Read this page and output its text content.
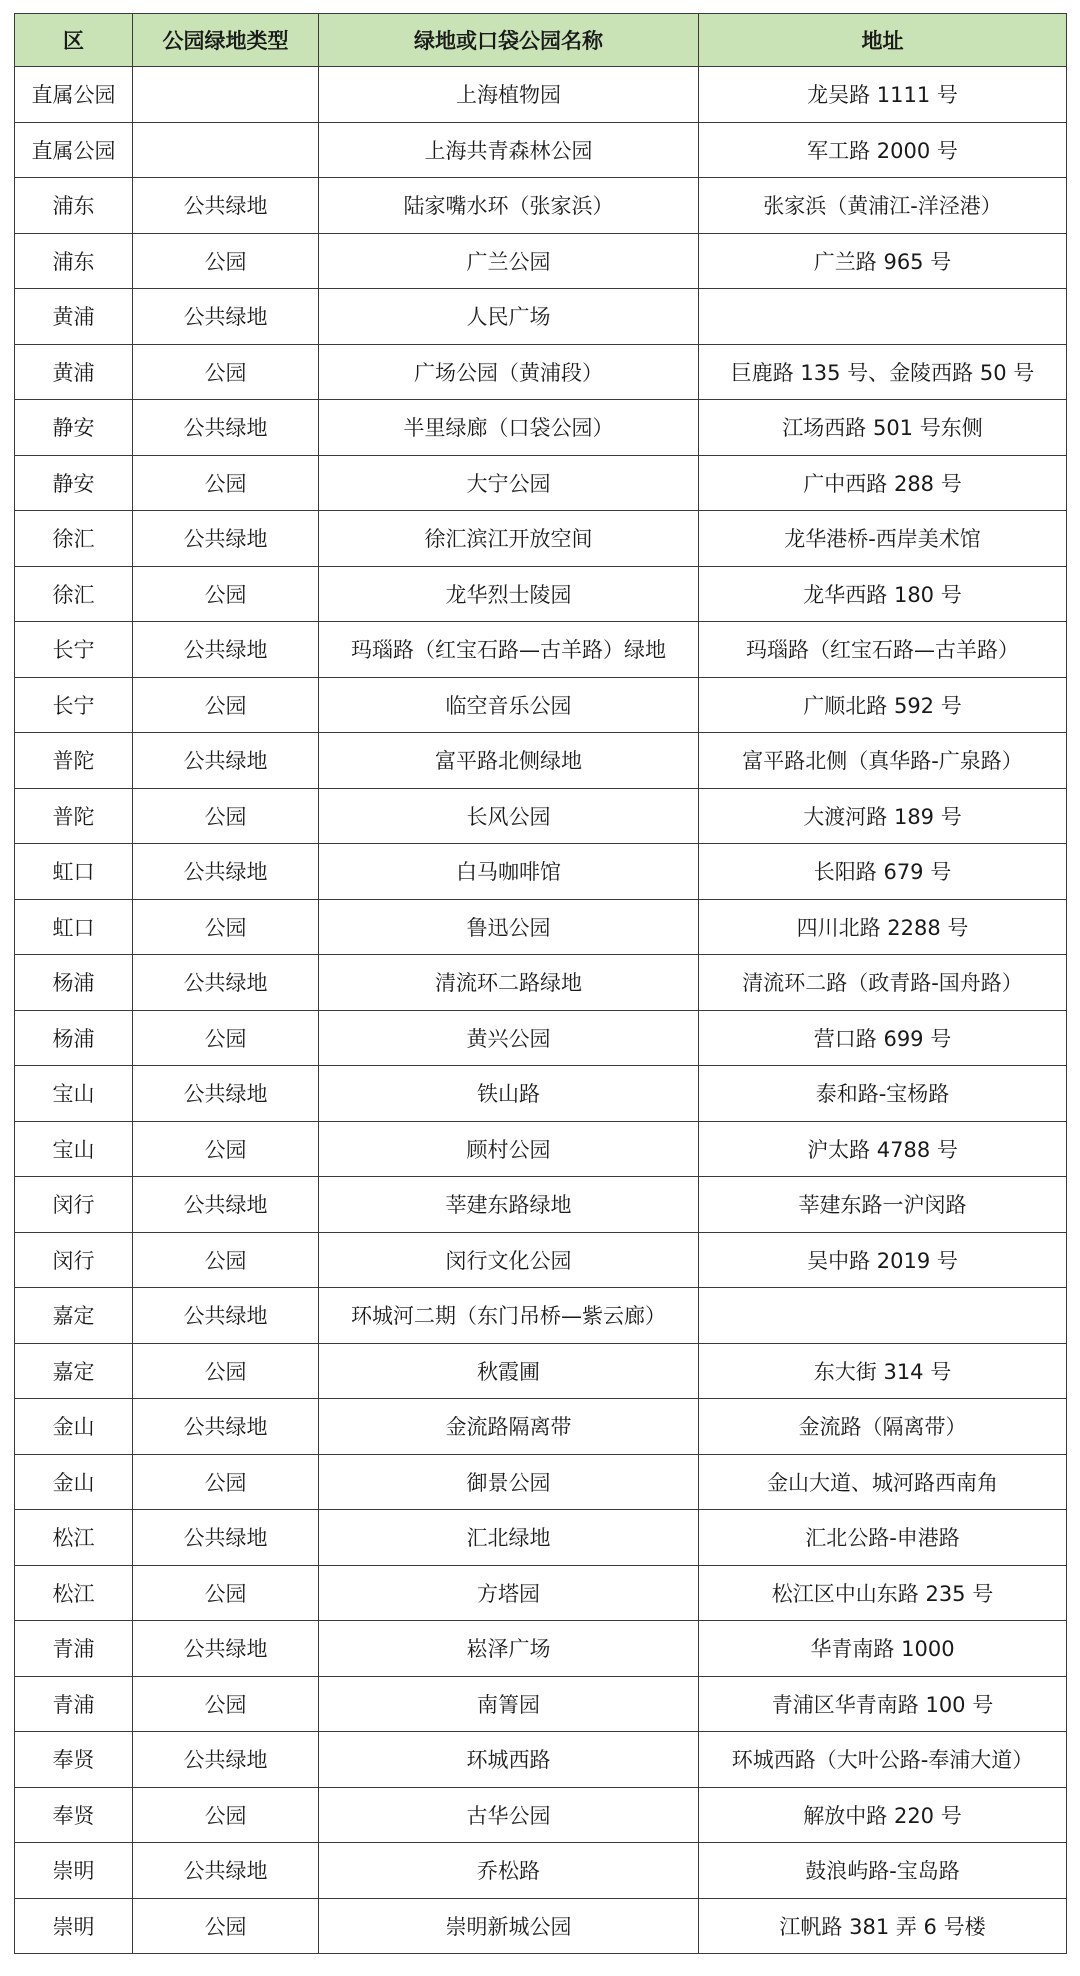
区	公园绿地类型	绿地或口袋公园名称	地址
直属公园		上海植物园	龙吴路 1111 号
直属公园		上海共青森林公园	军工路 2000 号
浦东	公共绿地	陆家嘴水环（张家浜）	张家浜（黄浦江-洋泾港）
浦东	公园	广兰公园	广兰路 965 号
黄浦	公共绿地	人民广场	
黄浦	公园	广场公园（黄浦段）	巨鹿路 135 号、金陵西路 50 号
静安	公共绿地	半里绿廊（口袋公园）	江场西路 501 号东侧
静安	公园	大宁公园	广中西路 288 号
徐汇	公共绿地	徐汇滨江开放空间	龙华港桥-西岸美术馆
徐汇	公园	龙华烈士陵园	龙华西路 180 号
长宁	公共绿地	玛瑙路（红宝石路—古羊路）绿地	玛瑙路（红宝石路—古羊路）
长宁	公园	临空音乐公园	广顺北路 592 号
普陀	公共绿地	富平路北侧绿地	富平路北侧（真华路-广泉路）
普陀	公园	长风公园	大渡河路 189 号
虹口	公共绿地	白马咖啡馆	长阳路 679 号
虹口	公园	鲁迅公园	四川北路 2288 号
杨浦	公共绿地	清流环二路绿地	清流环二路（政青路-国舟路）
杨浦	公园	黄兴公园	营口路 699 号
宝山	公共绿地	铁山路	泰和路-宝杨路
宝山	公园	顾村公园	沪太路 4788 号
闵行	公共绿地	莘建东路绿地	莘建东路一沪闵路
闵行	公园	闵行文化公园	吴中路 2019 号
嘉定	公共绿地	环城河二期（东门吊桥—紫云廊）	
嘉定	公园	秋霞圃	东大街 314 号
金山	公共绿地	金流路隔离带	金流路（隔离带）
金山	公园	御景公园	金山大道、城河路西南角
松江	公共绿地	汇北绿地	汇北公路-申港路
松江	公园	方塔园	松江区中山东路 235 号
青浦	公共绿地	崧泽广场	华青南路 1000
青浦	公园	南箐园	青浦区华青南路 100 号
奉贤	公共绿地	环城西路	环城西路（大叶公路-奉浦大道）
奉贤	公园	古华公园	解放中路 220 号
崇明	公共绿地	乔松路	鼓浪屿路-宝岛路
崇明	公园	崇明新城公园	江帆路 381 弄 6 号楼
